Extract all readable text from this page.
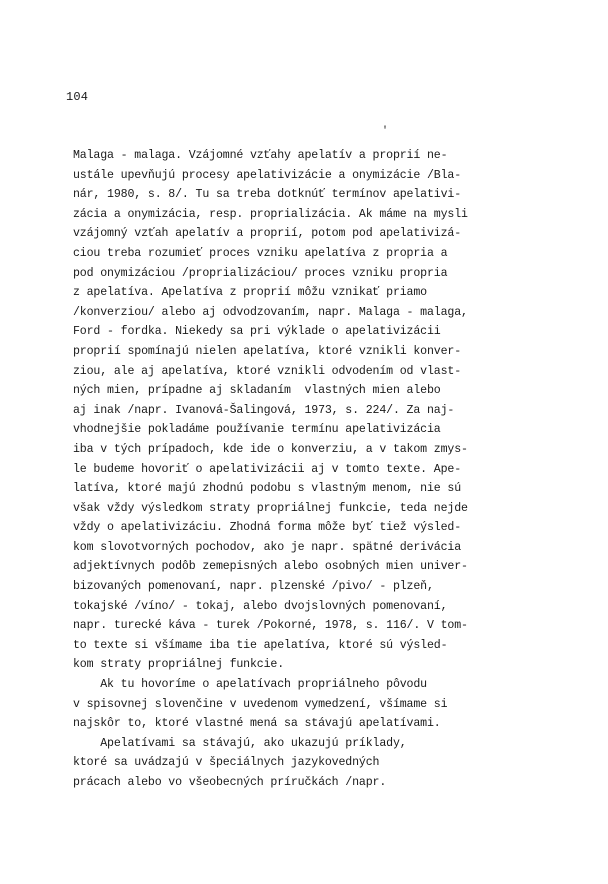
104
'
Malaga - malaga. Vzájomné vzťahy apelatív a proprií ne-
ustále upevňujú procesy apelativizácie a onymizácie /Bla-
nár, 1980, s. 8/. Tu sa treba dotknúť termínov apelativi-
zácia a onymizácia, resp. proprializácia. Ak máme na mysli
vzájomný vzťah apelatív a proprií, potom pod apelativizá-
ciou treba rozumieť proces vzniku apelatíva z propria a
pod onymizáciou /proprializáciou/ proces vzniku propria
z apelatíva. Apelatíva z proprií môžu vznikať priamo
/konverziou/ alebo aj odvodzovaním, napr. Malaga - malaga,
Ford - fordka. Niekedy sa pri výklade o apelativizácii
proprií spomínajú nielen apelatíva, ktoré vznikli konver-
ziou, ale aj apelatíva, ktoré vznikli odvodením od vlast-
ných mien, prípadne aj skladaním  vlastných mien alebo
aj inak /napr. Ivanová-Šalingová, 1973, s. 224/. Za naj-
vhodnejšie pokladáme používanie termínu apelativizácia
iba v tých prípadoch, kde ide o konverziu, a v takom zmys-
le budeme hovoriť o apelativizácii aj v tomto texte. Ape-
latíva, ktoré majú zhodnú podobu s vlastným menom, nie sú
však vždy výsledkom straty propriálnej funkcie, tedа nejde
vždy o apelativizáciu. Zhodná forma môže byť tiež výsled-
kom slovotvorných pochodov, ako je napr. spätné derivácia
adjektívnych podôb zemepisných alebo osobných mien univer-
bizovaných pomenovaní, napr. plzenské /pivo/ - plzeň,
tokajské /víno/ - tokaj, alebo dvojslovných pomenovaní,
napr. turecké káva - turek /Pokorné, 1978, s. 116/. V tom-
to texte si všímame iba tie apelatíva, ktoré sú výsled-
kom straty propriálnej funkcie.
Ak tu hovoríme o apelatívach propriálneho pôvodu
v spisovnej slovenčine v uvedenom vymedzení, všímame si
najskôr to, ktoré vlastné mená sa stávajú apelatívami.
Apelatívami sa stávajú, ako ukazujú príklady,
ktoré sa uvádzajú v špeciálnych jazykovedných
prácach alebo vo všeobecných príručkách /napr.
